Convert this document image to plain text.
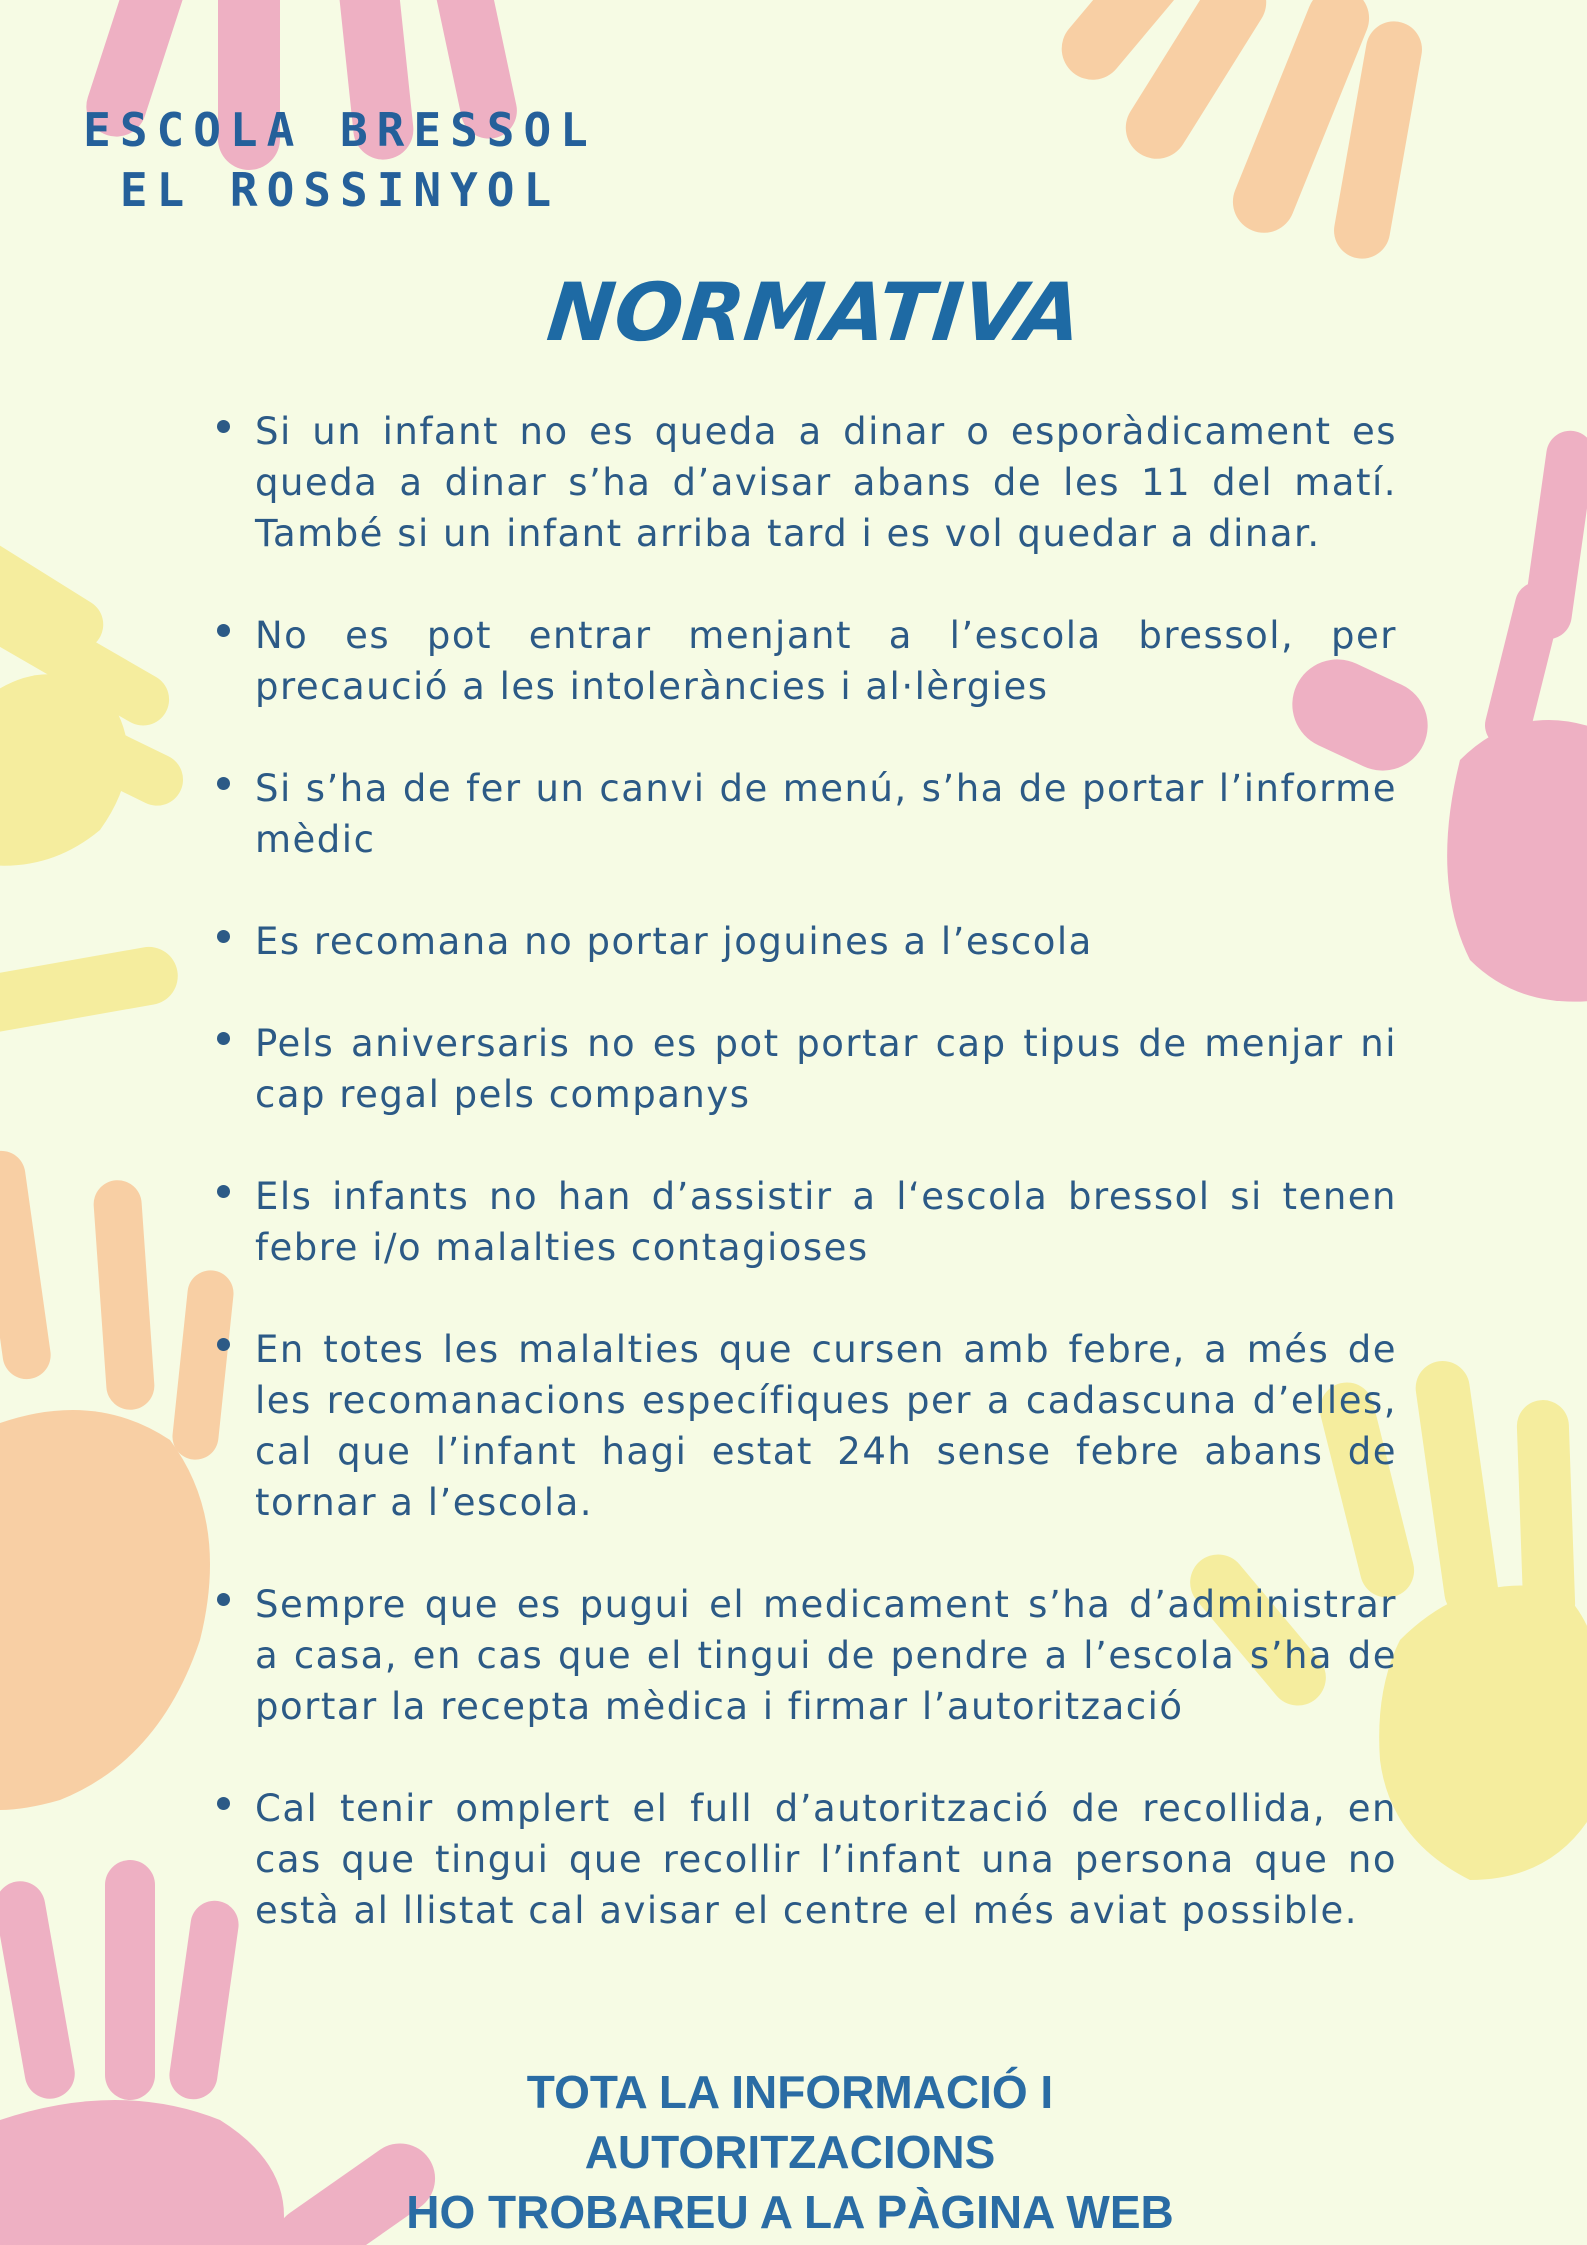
ESCOLA BRESSOL
EL ROSSINYOL
NORMATIVA
Si un infant no es queda a dinar o esporàdicament es queda a dinar s’ha d’avisar abans de les 11 del matí. També si un infant arriba tard i es vol quedar a dinar.
No es pot entrar menjant a l’escola bressol, per precaució a les intoleràncies i al·lèrgies
Si s’ha de fer un canvi de menú, s’ha de portar l’informe mèdic
Es recomana no portar joguines a l’escola
Pels aniversaris no es pot portar cap tipus de menjar ni cap regal pels companys
Els infants no han d’assistir a l‘escola bressol si tenen febre i/o malalties contagioses
En totes les malalties que cursen amb febre, a més de les recomanacions específiques per a cadascuna d’elles, cal que l’infant hagi estat 24h sense febre abans de tornar a l’escola.
Sempre que es pugui el medicament s’ha d’administrar a casa, en cas que el tingui de pendre a l’escola s’ha de portar la recepta mèdica i firmar l’autorització
Cal tenir omplert el full d’autorització de recollida, en cas que tingui que recollir l’infant una persona que no està al llistat cal avisar el centre el més aviat possible.
TOTA LA INFORMACIÓ I AUTORITZACIONS
HO TROBAREU A LA PÀGINA WEB
